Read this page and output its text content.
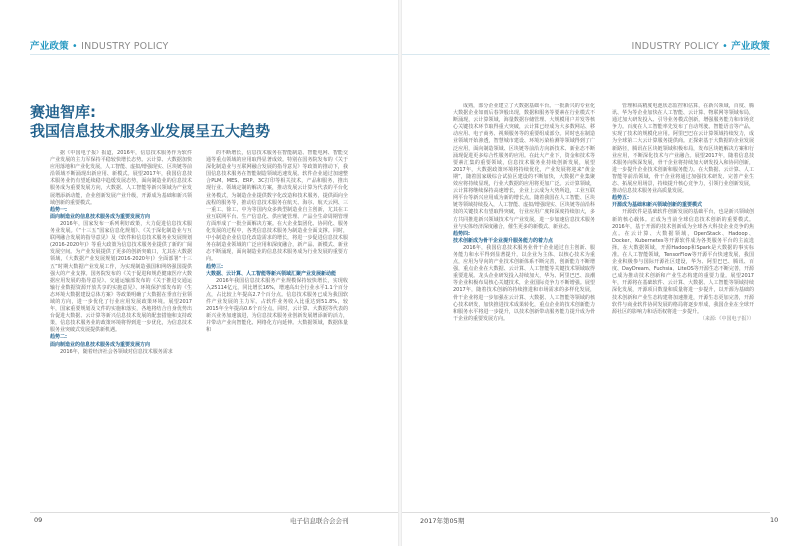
产业政策 • INDUSTRY POLICY	INDUSTRY POLICY • 产业政策
赛迪智库:
我国信息技术服务业发展呈五大趋势

据《中国电子报》报道，2016年，信息技术服务作为软件产业发展的主力军保持平稳较快增长态势。云计算、大数据加快应用落地和产业化发展，人工智能、虚拟/增强现实、区块链等前沿领域不断涌现出新应用、新模式。展望2017年，我国信息技术服务业仍有望延续稳中趋缓发展态势，面向制造业的信息技术服务成为重要发展方向，大数据、人工智能等新兴领域为产业发展增添新动能，企业创新发展产业升级，开源成为基础和新兴领域创新的重要模式。

趋势一:

面向制造业的信息技术服务成为重要发展方向

2016年，国家发布一系列利好政策，大力促进信息技术服务业发展。《“十三五”国家信息化规划》、《关于深化制造业与互联网融合发展的指导意见》及《软件和信息技术服务业发展规划(2016-2020年)》等重大政策为信息技术服务业提供了新的广阔发展空间。为产业发展提供了更多的创新突破口，尤其在大数据领域，《大数据产业发展规划(2016-2020年)》全面部署“十三五”时期大数据产业发展工作，为实现制造强国和网络强国提供强大的产业支撑。国务院发布的《关于促进和规范健康医疗大数据应用发展的指导意见》、交通运输部发布的《关于推进交通运输行业数据资源开放共享的实施意见》、环境保护部发布的《生态环境大数据建设总体方案》等政策明确了大数据在垂直行业领域的方向，进一步优化了行业应用发展政策环境。展望2017年，国家重要规划及文件的实施和落实，各地将结合自身优势出台促进大数据、云计算等新兴信息技术发展的配套措施和支持政策，信息技术服务业的政策环境将得到进一步优化，为信息技术服务业突破式发展提供新机遇。

趋势二:

面向制造业的信息技术服务成为重要发展方向

2016年，随着经济社会各领域对信息技术服务需求

的不断增长，信息技术服务在智能制造、智能电网、智能交通等重点领域的应用取得显著成效。特别在国务院发布的《关于深化制造业与互联网融合发展的指导意见》等政策的推动下，我国信息技术服务在智能制造领域迅速发展。软件企业通过加速整合PLM、MES、ERP、3C打印等相关技术，产品和服务，推出现行业、领域定制的解决方案，推动发展云计算为代表的平台化业务模式，为制造企业提供数字化改造和技术服务，提供面向全流程的服务等，推动信息技术服务在航天、海尔、航天云网、三一重工、徐工、中为等国内众多典型制造业自主创新，尤其在工业互联网平台、生产信息化、供应链管理、产品全生命周期管理方面形成了一批全面解决方案。在大企业集团化、协同化、服务化发展的过程中，各类信息技术服务为制造业全面支撑。同时，中小制造企业信息化改造需求的增长，将进一步促进信息技术服务在制造业领域的广泛应用和深度融合，新产品、新模式、新业态不断涌现，面向制造业的信息技术服务成为行业发展的重要方向。

趋势三:

大数据、云计算、人工智能等新兴领域汇聚产业发展新动能

2016年我国信息技术服务产业规模保持较快增长，实现收入25114亿元，同比增长16%，增速高出全行业水平1.1个百分点，占比较上年提高2.7个百分点。信息技术服务已成为我国软件产业发展的主力军。占软件业务收入比重达到51.8%，较2015年全年提高0.6个百分点。同时，云计算、大数据等代表的新兴业务加速演进，为信息技术服务业创新发展增添新的活力，并带动产业向智能化、网络化方向延伸。大数据领域，数据体量和

成熟，部分企业建立了大数据基础平台。一批新兴的专业化大数据企业如雨后春笋般出现，数据和服务等要素在行业模式不断涌现，云计算领域，海量数据存储管理、大规模用户并发等核心关键技术环节取得重大突破，云计算已经成为大多数网站、移动应用、电子商务、视频服务等的重要组成部分。同时也在制造业领域开始渗透，智慧城市建设、环境污染检测等领域得到了广泛应用，面向制造领域、区块链等前沿方向新技术、新业态不断涌现促进更多综合性服务的应用。在此大产业下，资金和技术等要素汇集的重要领域，信息技术服务业持续创新发展，展望2017年，大数据政策环境将持续优化，产业发展将迎来“黄金期”，随着国家级综合试验区建设的不断加快，大数据产业集聚效应将持续显现，行业大数据的应用将更加广泛。云计算领域，云计算将继续保持高速增长，企业上云成为大势所趋，工业互联网平台等新兴应用成为新的增长点。随着我国在人工智能、区块链等领域持续投入，人工智能、虚拟/增强现实、区块链等前沿科技的关键技术有望取得突破，行业应用广度和深度持续加大，多方共同推进新兴领域技术与产业发展，进一步加速信息技术服务业与实体经济深度融合，催生更多的新模式、新业态。

趋势四:

技术创新成为骨干企业提升服务能力的着力点

2016年，我国信息技术服务业骨干企业通过自主创新、服务能力和水平得到显著提升，以企业为主体、以核心技术为重点，应用为导向的产业技术创新体系不断完善，创新能力不断增强，重点企业在大数据、云计算、人工智能等关键技术领域取得重要进展。龙头企业研发投入持续加大，华为、阿里巴巴、浪潮等企业积极布局核心关键技术，企业国际竞争力不断增强。展望2017年，随着技术创新的持续推进和市场需求的多样化发展，骨干企业将进一步加强在云计算、大数据、人工智能等领域的核心技术研发，加快推进技术成果转化，重点企业的技术创新能力和服务水平将进一步提升，以技术创新带动服务能力提升成为骨干企业的重要发展方向。

管理和高精度电池状态监控和估算，在新兴领域，百度、腾讯、华为等企业加快在人工智能、云计算、物联网等领域布局，通过加大研发投入、引导业务模式创新，增强服务能力和市场竞争力。百度在人工智能率先发布了自动驾驶、智能语音等产品，实现了技术的规模化应用。阿里巴巴在云计算领域持续发力，成为全球第二大云计算服务提供商。正探索基于大数据的企业发展新路径，腾讯在区块链领域积极布局，发布区块链解决方案和行业应用，不断深化技术与产业融合。展望2017年，随着信息技术服务向纵深发展，骨干企业将持续加大研发投入和协同创新，进一步提升企业技术创新和服务能力。在大数据、云计算、人工智能等前沿领域，骨干企业将通过加强技术研发、完善产业生态、拓展应用场景，持续提升核心竞争力，引领行业创新发展，推动信息技术服务业高质量发展。

趋势五:

开源成为基础和新兴领域创新的重要模式

开源软件是基础软件创新发展的基础平台，也是新兴领域创新的核心载体。正成为当前全球信息技术创新的重要模式。2016年，基于开源的技术创新成为全球各大科技企业竞争的焦点。在云计算、大数据领域，OpenStack、Hadoop、Docker、Kubernetes等开源软件成为各类服务平台的主流选择。在大数据领域，开源Hadoop和Spark是大数据的事实标准。在人工智能领域，TensorFlow等开源平台快速发展，我国企业积极参与国际开源社区建设，华为、阿里巴巴、腾讯、百度、DayDream、Fuchsia、LiteOS等开源生态不断完善，开源已成为推动技术创新和产业生态构建的重要力量。展望2017年，开源将在基础软件、云计算、大数据、人工智能等领域持续深化发展，开源项目数量和质量将进一步提升，以开源为基础的技术创新和产业生态构建将加速推进，开源生态更加完善，开源软件与商业软件协同发展的格局将逐步形成，我国企业在全球开源社区的影响力和话语权将进一步提升。

（来源:《中国电子报》）

09	电子信息联合会会刊	2017年第05期	10
